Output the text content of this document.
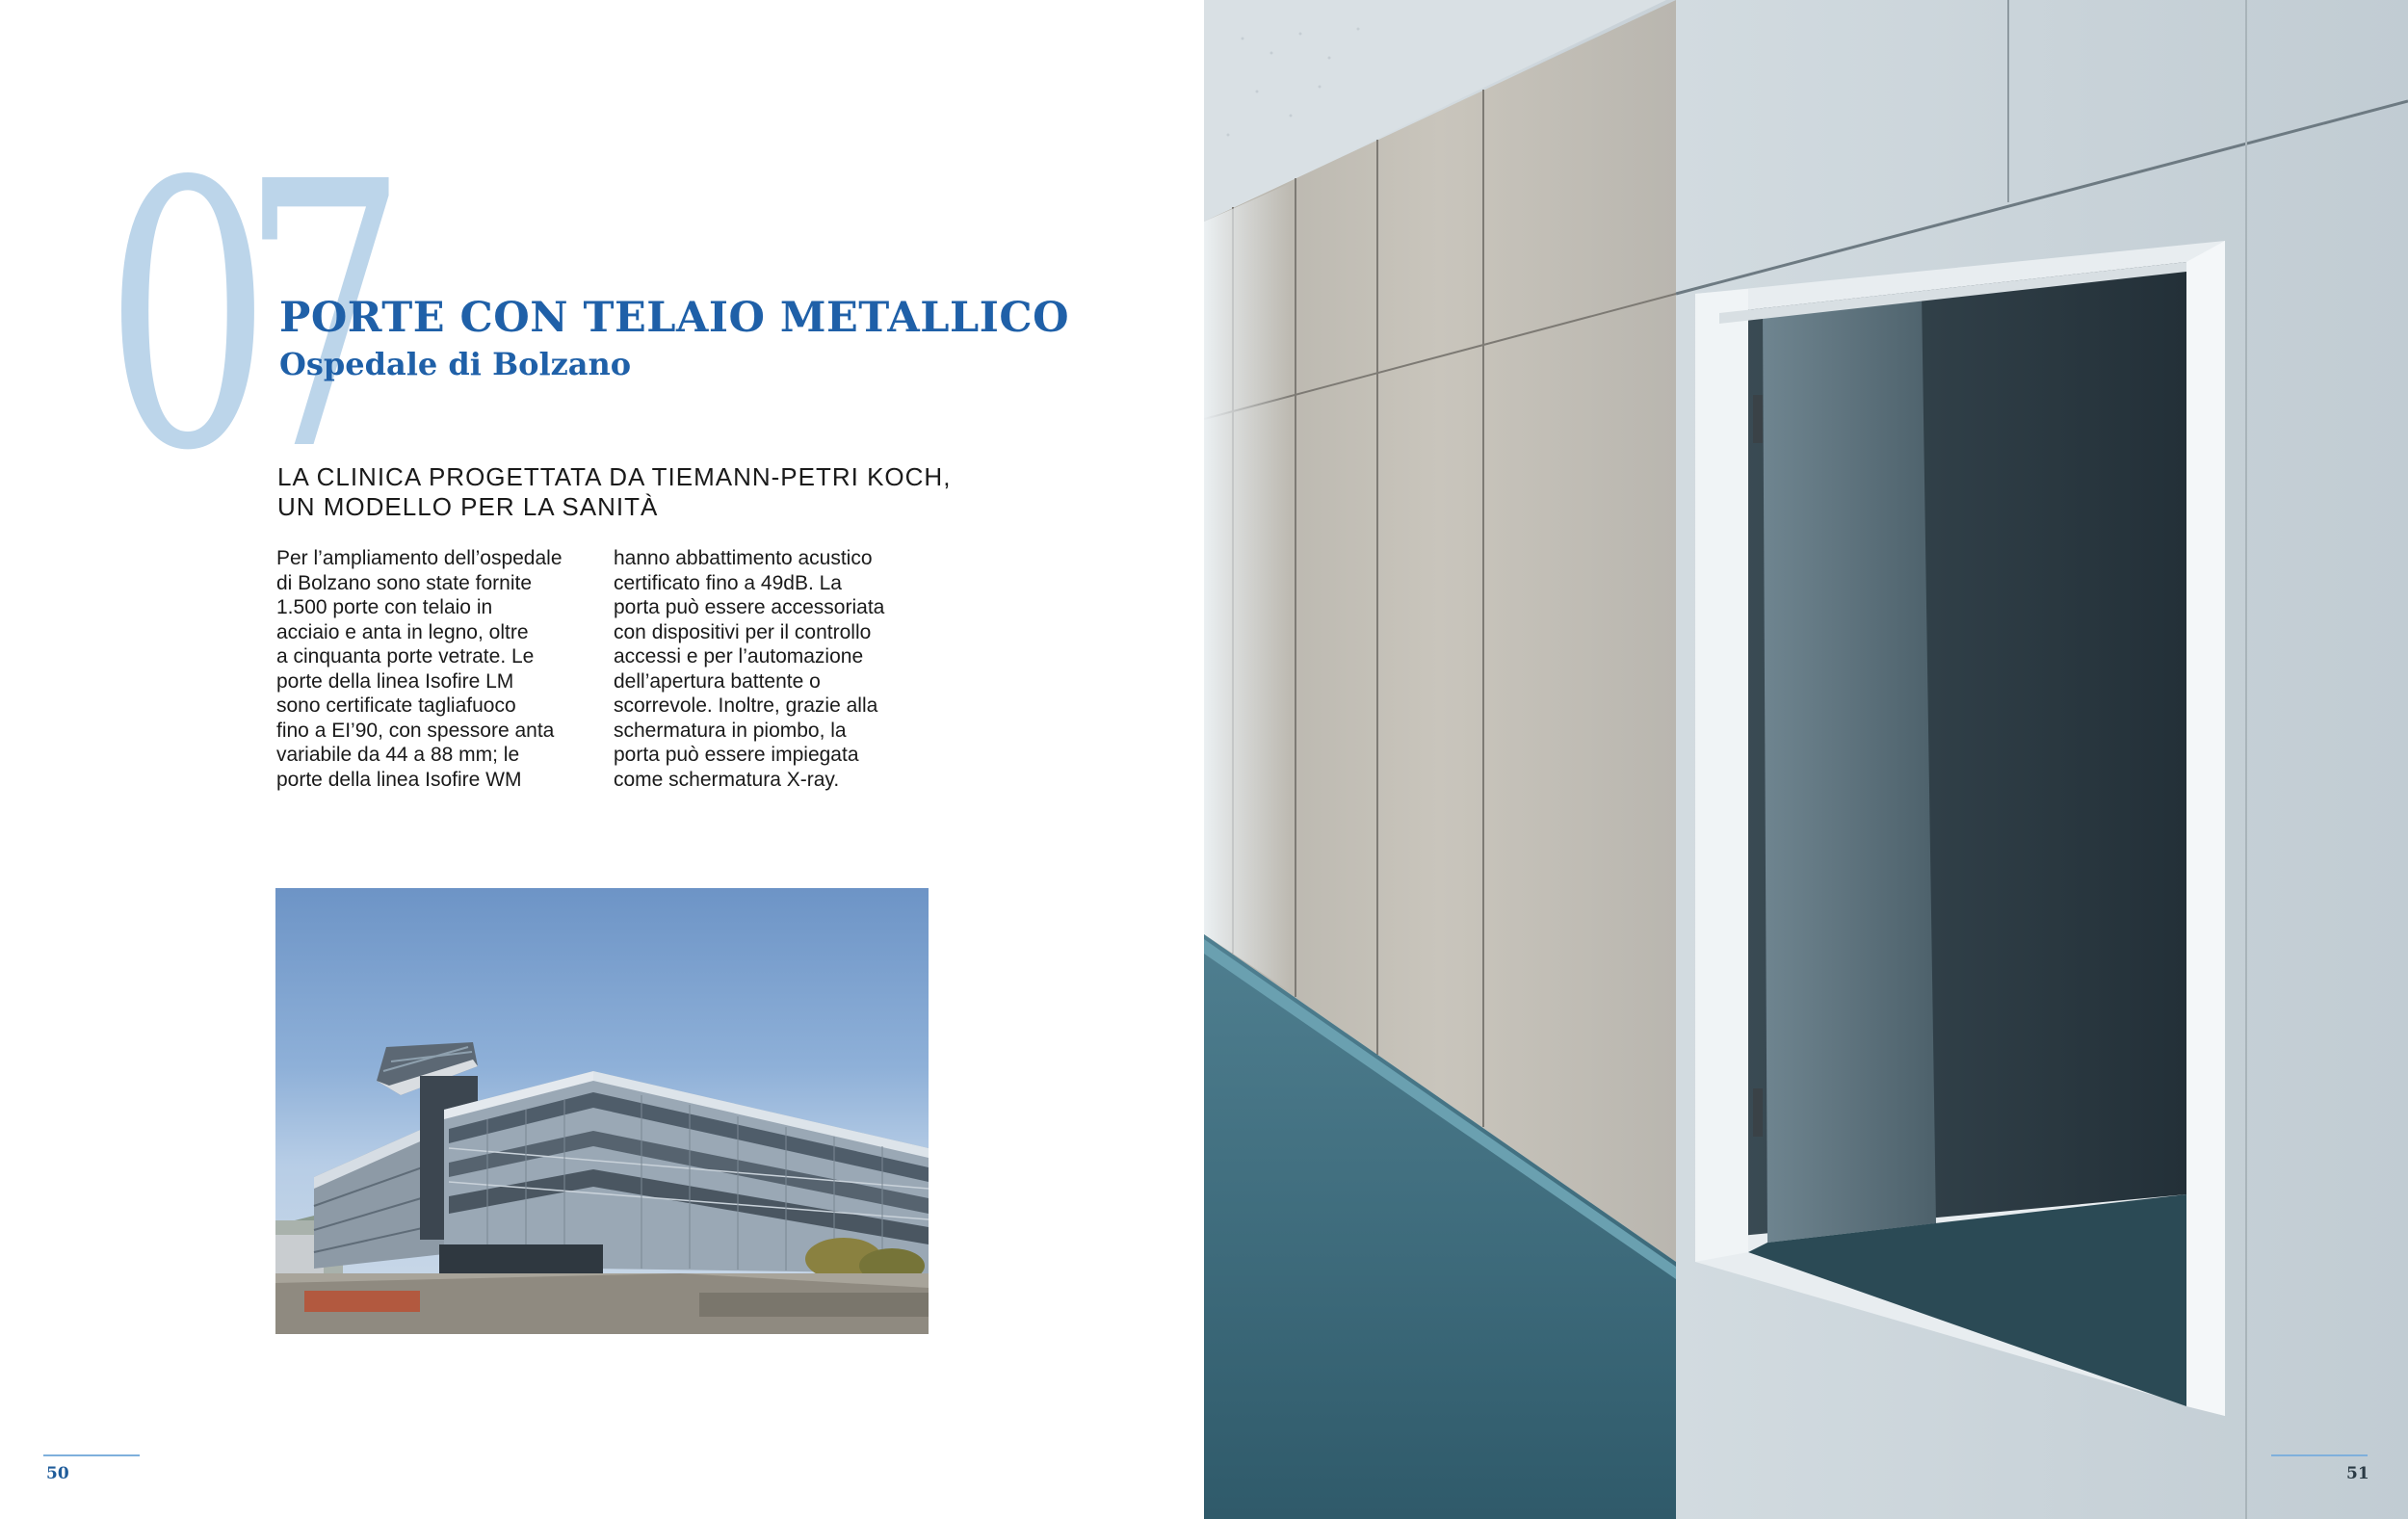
07
PORTE CON TELAIO METALLICO
Ospedale di Bolzano

LA CLINICA PROGETTATA DA TIEMANN-PETRI KOCH,
UN MODELLO PER LA SANITÀ

Per l’ampliamento dell’ospedale
di Bolzano sono state fornite
1.500 porte con telaio in
acciaio e anta in legno, oltre
a cinquanta porte vetrate. Le
porte della linea Isofire LM
sono certificate tagliafuoco
fino a EI’90, con spessore anta
variabile da 44 a 88 mm; le
porte della linea Isofire WM

hanno abbattimento acustico
certificato fino a 49dB. La
porta può essere accessoriata
con dispositivi per il controllo
accessi e per l’automazione
dell’apertura battente o
scorrevole. Inoltre, grazie alla
schermatura in piombo, la
porta può essere impiegata
come schermatura X-ray.

50	51
